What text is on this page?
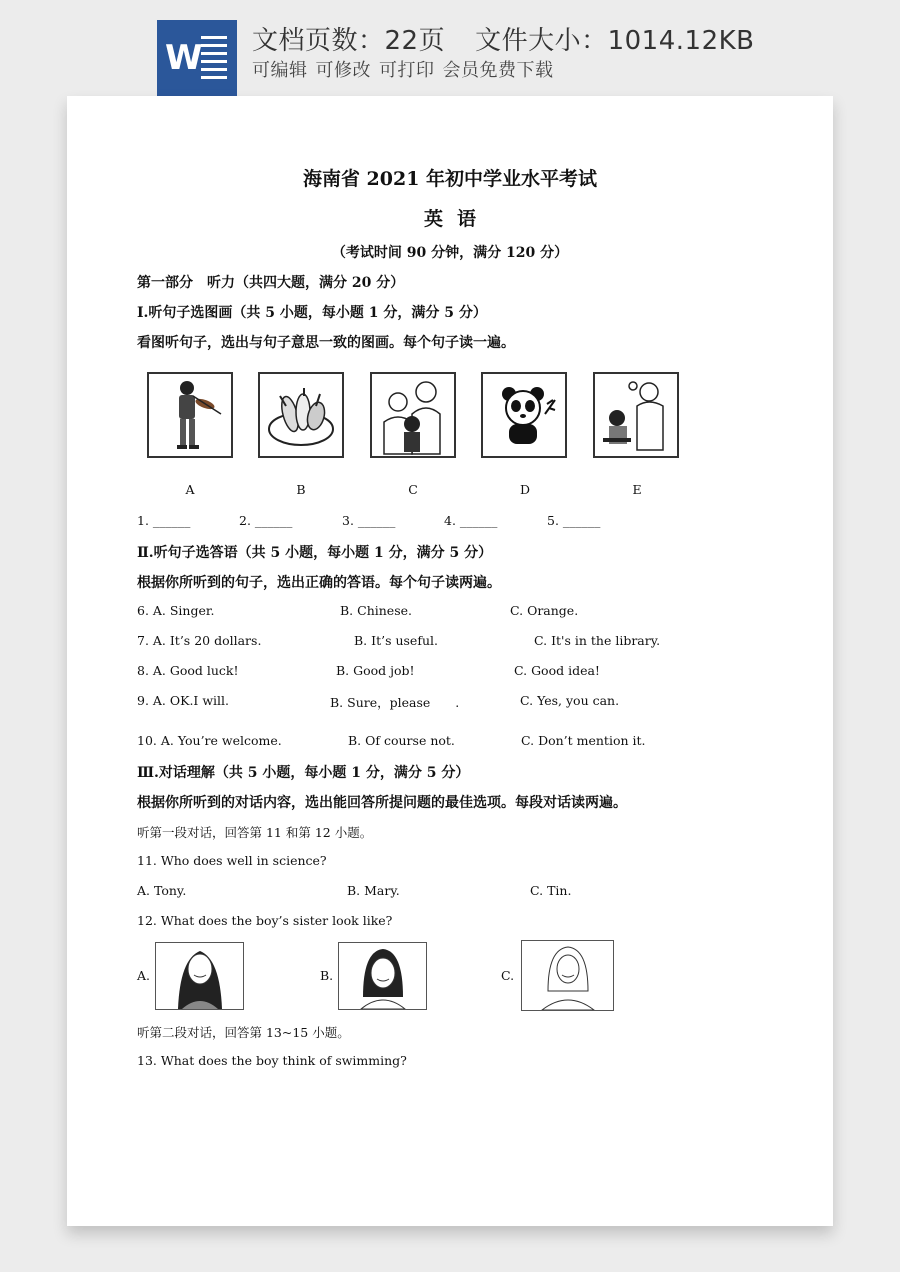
W 文档页数：22页 文件大小：1014.12KB
可编辑 可修改 可打印 会员免费下载
海南省 2021 年初中学业水平考试
英语
（考试时间 90 分钟，满分 120 分）
第一部分　听力（共四大题，满分 20 分）
Ⅰ.听句子选图画（共 5 小题，每小题 1 分，满分 5 分）
看图听句子，选出与句子意思一致的图画。每个句子读一遍。
A	B	C	D	E
1. ______	2. ______	3. ______	4. ______	5. ______
Ⅱ.听句子选答语（共 5 小题，每小题 1 分，满分 5 分）
根据你所听到的句子，选出正确的答语。每个句子读两遍。
6. A. Singer.	B. Chinese.	C. Orange.
7. A. It’s 20 dollars.	B. It’s useful.	C. It's in the library.
8. A. Good luck!	B. Good job!	C. Good idea!
9. A. OK.I will.	B. Sure，please　　.	C. Yes, you can.
10. A. You’re welcome.	B. Of course not.	C. Don’t mention it.
Ⅲ.对话理解（共 5 小题，每小题 1 分，满分 5 分）
根据你所听到的对话内容，选出能回答所提问题的最佳选项。每段对话读两遍。
听第一段对话，回答第 11 和第 12 小题。
11. Who does well in science?
A. Tony.	B. Mary.	C. Tin.
12. What does the boy’s sister look like?
A.	B.	C.
听第二段对话，回答第 13~15 小题。
13. What does the boy think of swimming?
